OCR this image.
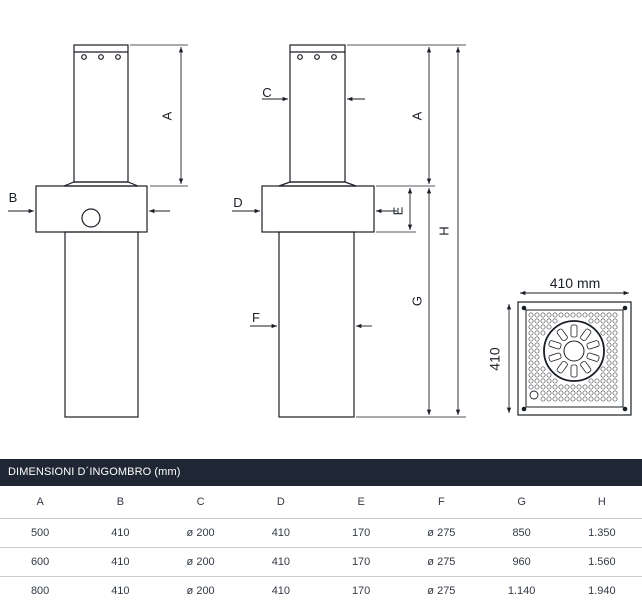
A
B
C
A
D
E
H
G
F
410 mm
410
DIMENSIONI D´INGOMBRO (mm)
A	B	C	D	E	F	G	H
500	410	ø 200	410	170	ø 275	850	1.350
600	410	ø 200	410	170	ø 275	960	1.560
800	410	ø 200	410	170	ø 275	1.140	1.940
